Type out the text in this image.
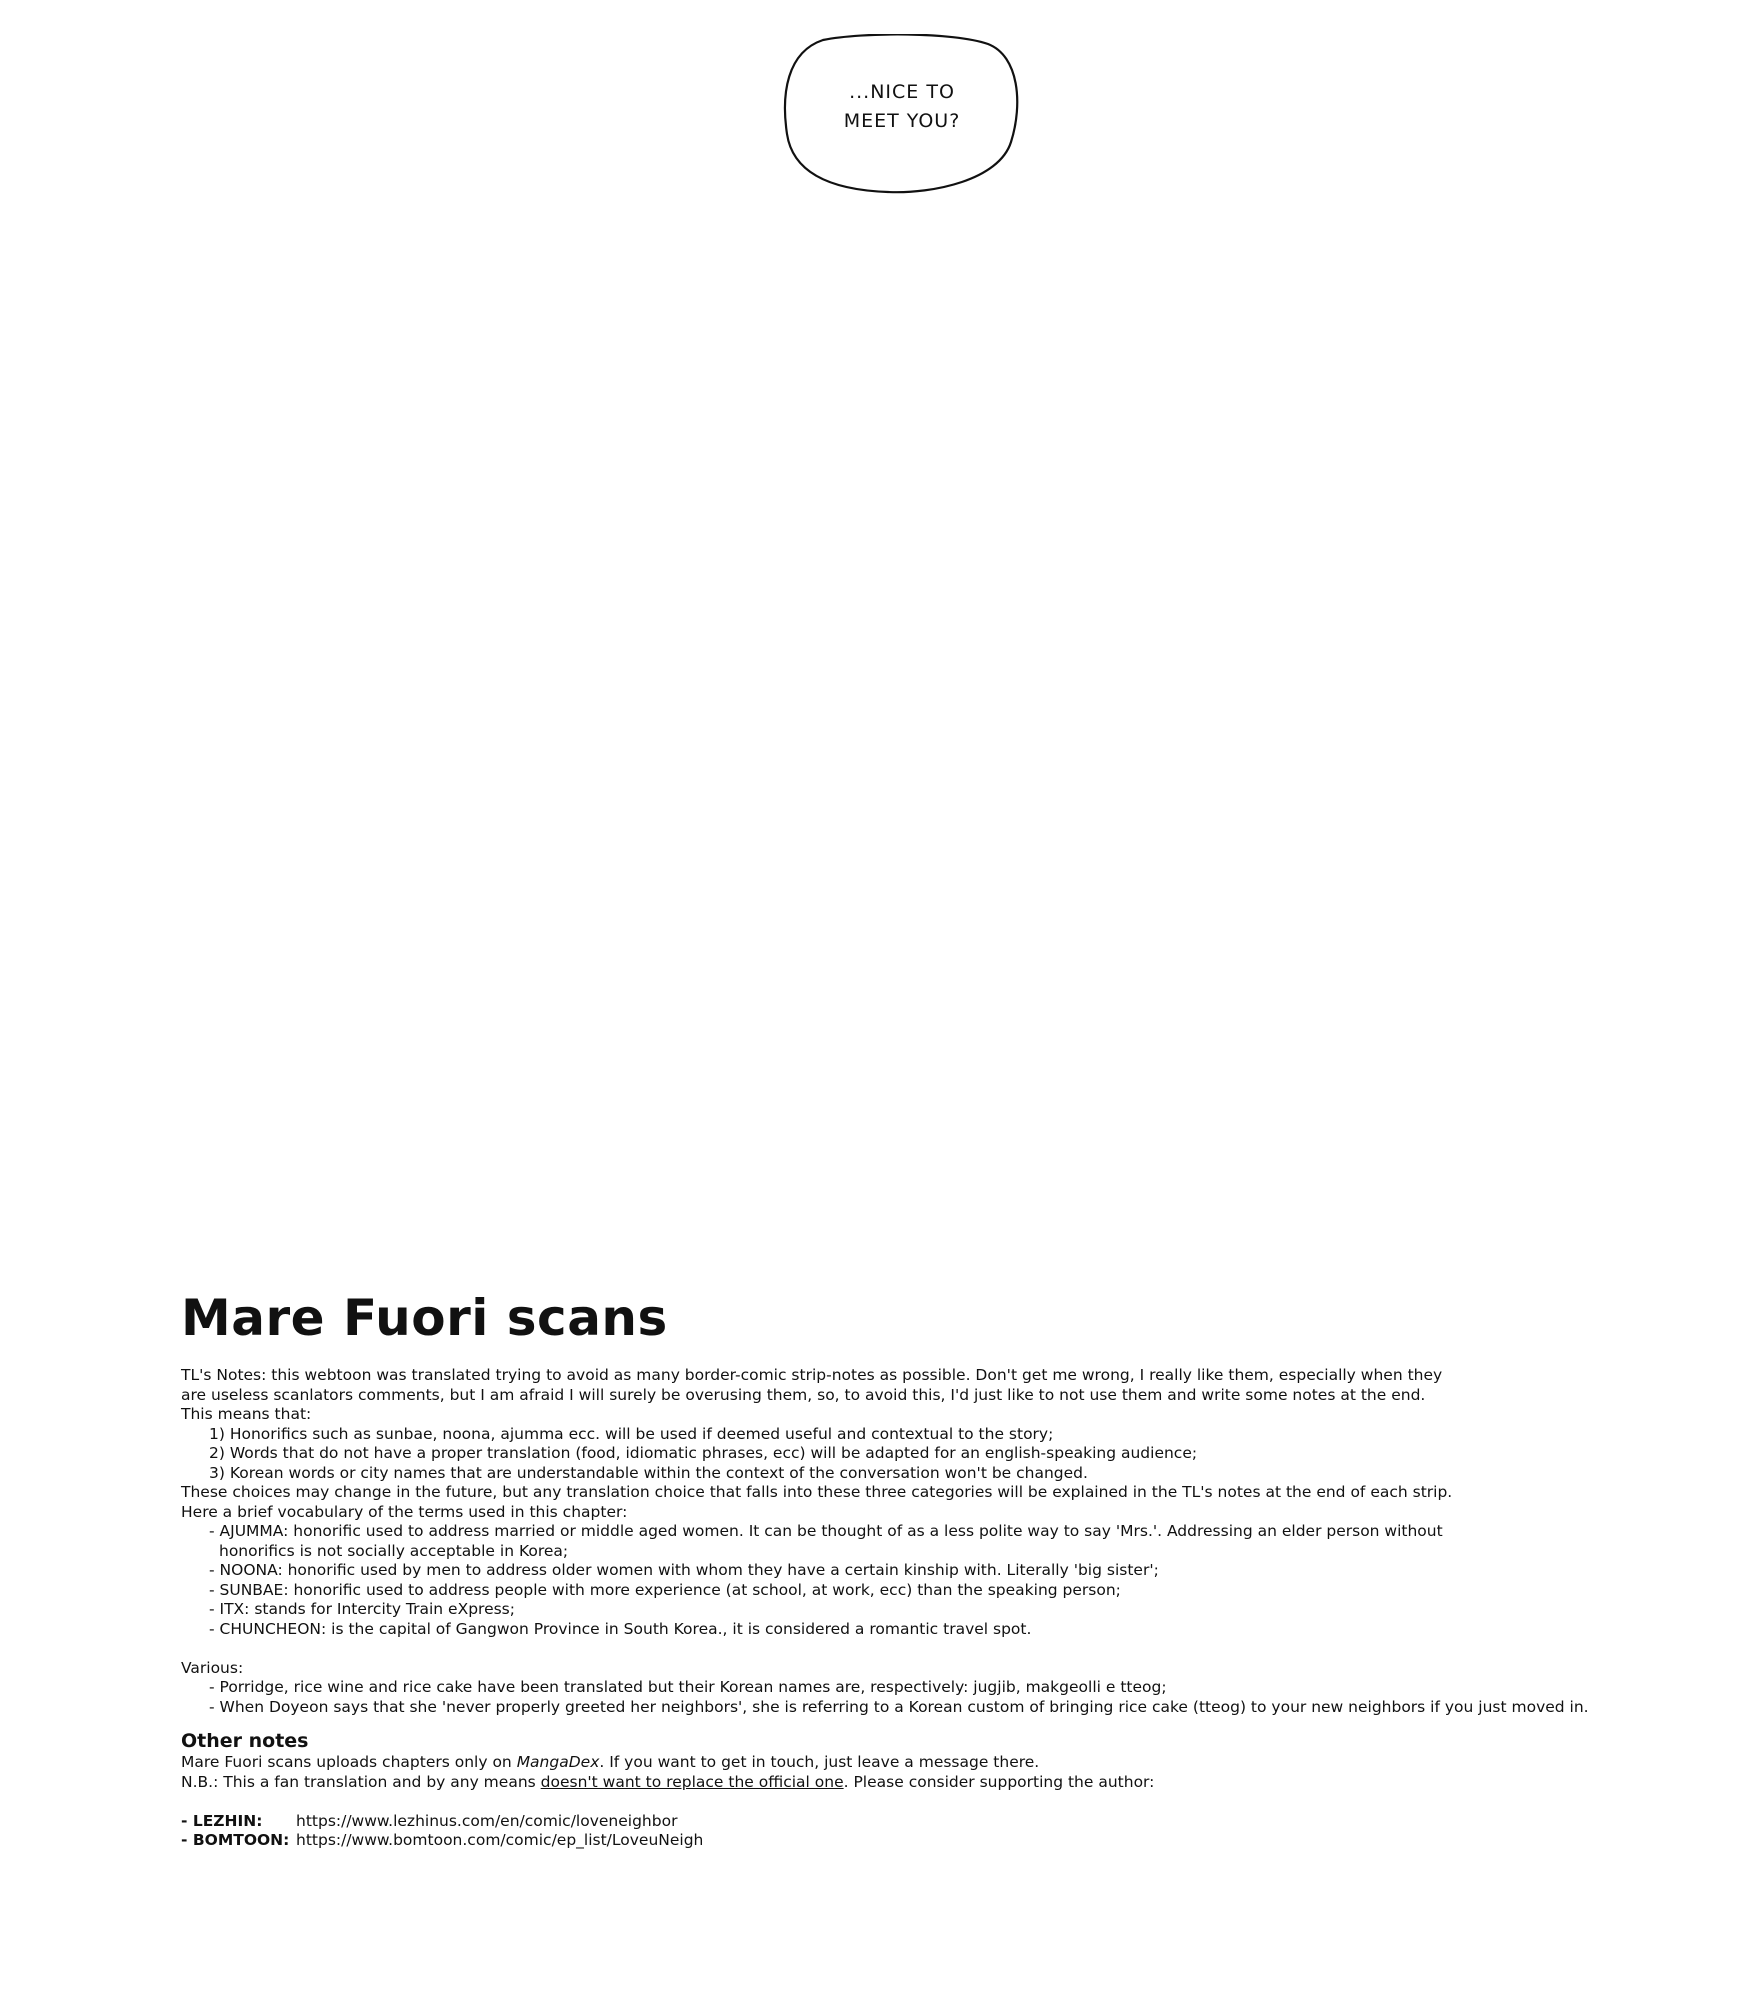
...NICE TO
MEET YOU?
Mare Fuori scans
TL's Notes: this webtoon was translated trying to avoid as many border-comic strip-notes as possible. Don't get me wrong, I really like them, especially when they
are useless scanlators comments, but I am afraid I will surely be overusing them, so, to avoid this, I'd just like to not use them and write some notes at the end.
This means that:
1) Honorifics such as sunbae, noona, ajumma ecc. will be used if deemed useful and contextual to the story;
2) Words that do not have a proper translation (food, idiomatic phrases, ecc) will be adapted for an english-speaking audience;
3) Korean words or city names that are understandable within the context of the conversation won't be changed.
These choices may change in the future, but any translation choice that falls into these three categories will be explained in the TL's notes at the end of each strip.
Here a brief vocabulary of the terms used in this chapter:
- AJUMMA: honorific used to address married or middle aged women. It can be thought of as a less polite way to say 'Mrs.'. Addressing an elder person without
honorifics is not socially acceptable in Korea;
- NOONA: honorific used by men to address older women with whom they have a certain kinship with. Literally 'big sister';
- SUNBAE: honorific used to address people with more experience (at school, at work, ecc) than the speaking person;
- ITX: stands for Intercity Train eXpress;
- CHUNCHEON: is the capital of Gangwon Province in South Korea., it is considered a romantic travel spot.
Various:
- Porridge, rice wine and rice cake have been translated but their Korean names are, respectively: jugjib, makgeolli e tteog;
- When Doyeon says that she 'never properly greeted her neighbors', she is referring to a Korean custom of bringing rice cake (tteog) to your new neighbors if you just moved in.
Other notes
Mare Fuori scans uploads chapters only on MangaDex. If you want to get in touch, just leave a message there.
N.B.: This a fan translation and by any means doesn't want to replace the official one. Please consider supporting the author:
- LEZHIN: https://www.lezhinus.com/en/comic/loveneighbor
- BOMTOON: https://www.bomtoon.com/comic/ep_list/LoveuNeigh
